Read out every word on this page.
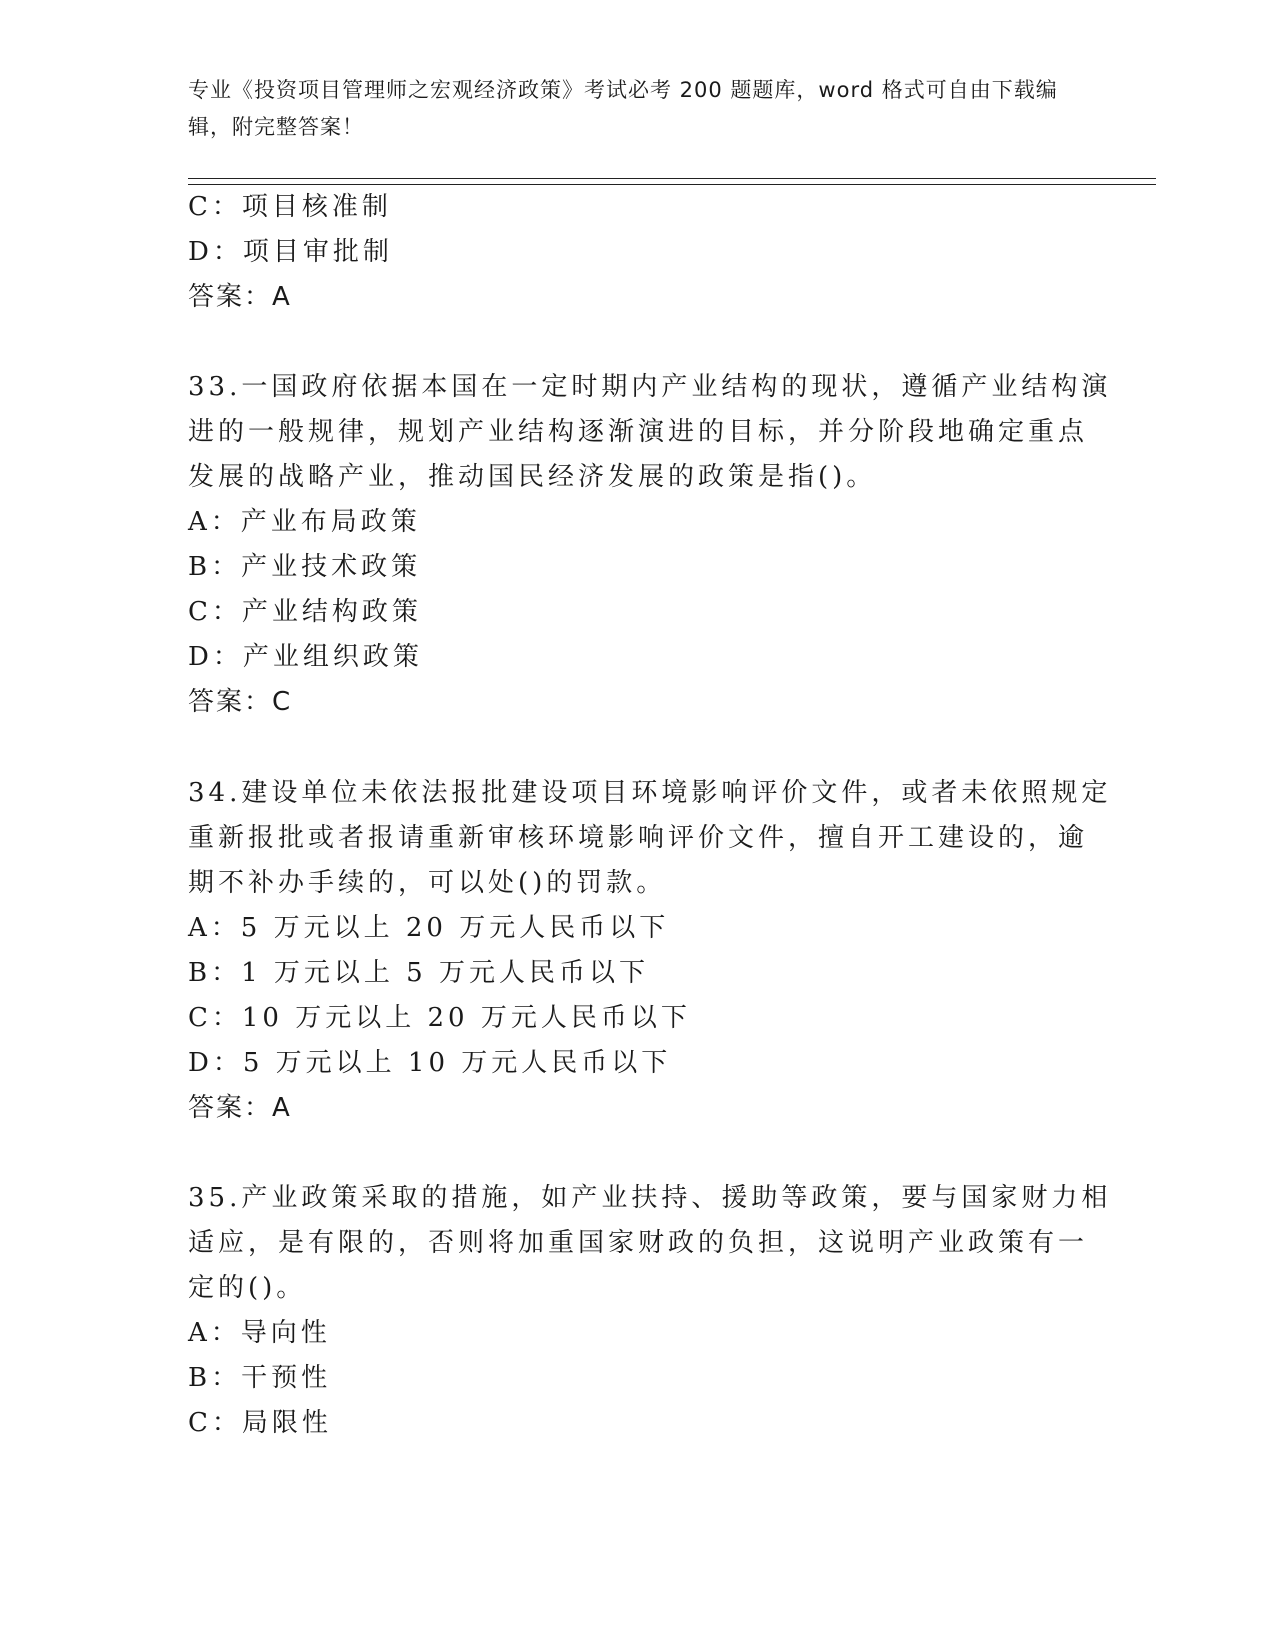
专业《投资项目管理师之宏观经济政策》考试必考 200 题题库，word 格式可自由下载编辑，附完整答案！
C：项目核准制
D：项目审批制
答案：A
33.一国政府依据本国在一定时期内产业结构的现状，遵循产业结构演
进的一般规律，规划产业结构逐渐演进的目标，并分阶段地确定重点
发展的战略产业，推动国民经济发展的政策是指()。
A：产业布局政策
B：产业技术政策
C：产业结构政策
D：产业组织政策
答案：C
34.建设单位未依法报批建设项目环境影响评价文件，或者未依照规定
重新报批或者报请重新审核环境影响评价文件，擅自开工建设的，逾
期不补办手续的，可以处()的罚款。
A：5 万元以上 20 万元人民币以下
B：1 万元以上 5 万元人民币以下
C：10 万元以上 20 万元人民币以下
D：5 万元以上 10 万元人民币以下
答案：A
35.产业政策采取的措施，如产业扶持、援助等政策，要与国家财力相
适应，是有限的，否则将加重国家财政的负担，这说明产业政策有一
定的()。
A：导向性
B：干预性
C：局限性
